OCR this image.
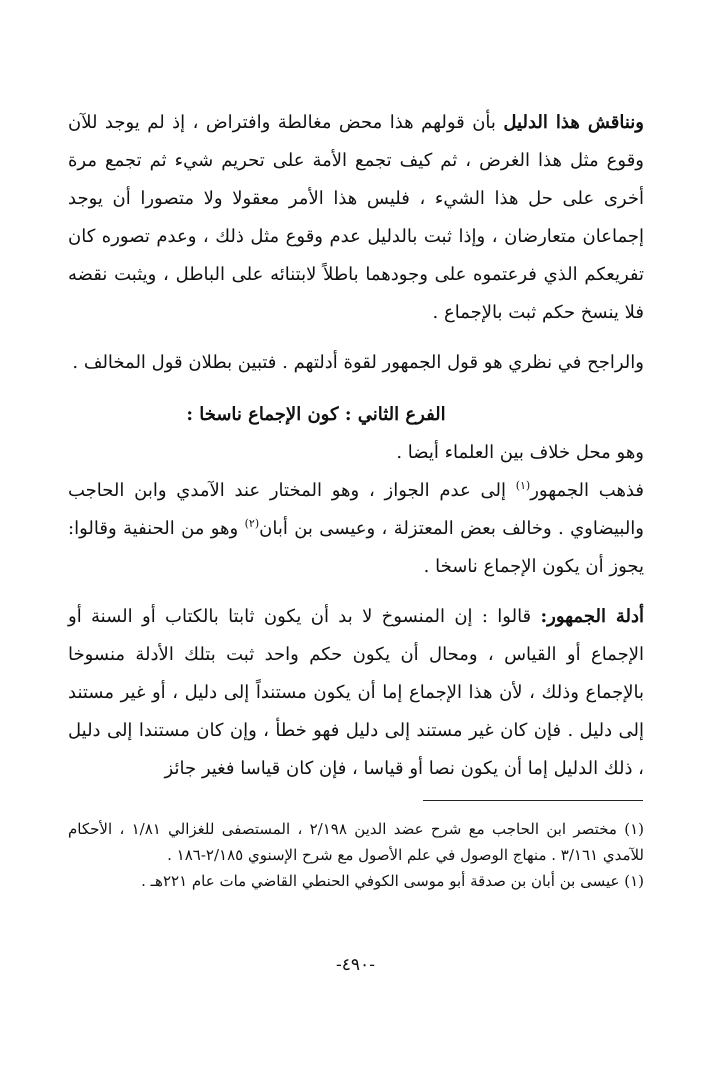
ونناقش هذا الدليل بأن قولهم هذا محض مغالطة وافتراض ، إذ لم يوجد للآن وقوع مثل هذا الغرض ، ثم كيف تجمع الأمة على تحريم شيء ثم تجمع مرة أخرى على حل هذا الشيء ، فليس هذا الأمر معقولا ولا متصورا أن يوجد إجماعان متعارضان ، وإذا ثبت بالدليل عدم وقوع مثل ذلك ، وعدم تصوره كان تفريعكم الذي فرعتموه على وجودهما باطلاً لابتنائه على الباطل ، ويثبت نقضه فلا ينسخ حكم ثبت بالإجماع .

والراجح في نظري هو قول الجمهور لقوة أدلتهم . فتبين بطلان قول المخالف .

الفرع الثاني : كون الإجماع ناسخا :

وهو محل خلاف بين العلماء أيضا .

فذهب الجمهور$^{(١)}$ إلى عدم الجواز ، وهو المختار عند الآمدي وابن الحاجب والبيضاوي . وخالف بعض المعتزلة ، وعيسى بن أبان$^{(٢)}$ وهو من الحنفية وقالوا: يجوز أن يكون الإجماع ناسخا .

أدلة الجمهور: قالوا : إن المنسوخ لا بد أن يكون ثابتا بالكتاب أو السنة أو الإجماع أو القياس ، ومحال أن يكون حكم واحد ثبت بتلك الأدلة منسوخا بالإجماع وذلك ، لأن هذا الإجماع إما أن يكون مستنداً إلى دليل ، أو غير مستند إلى دليل . فإن كان غير مستند إلى دليل فهو خطأ ، وإن كان مستندا إلى دليل ، ذلك الدليل إما أن يكون نصا أو قياسا ، فإن كان قياسا فغير جائز

(١) مختصر ابن الحاجب مع شرح عضد الدين ٢/١٩٨ ، المستصفى للغزالي ١/٨١ ، الأحكام للآمدي ٣/١٦١ . منهاج الوصول في علم الأصول مع شرح الإسنوي ٢/١٨٥-١٨٦ .

(١) عيسى بن أبان بن صدقة أبو موسى الكوفي الحنطي القاضي مات عام ٢٢١هـ .

-٤٩٠-
